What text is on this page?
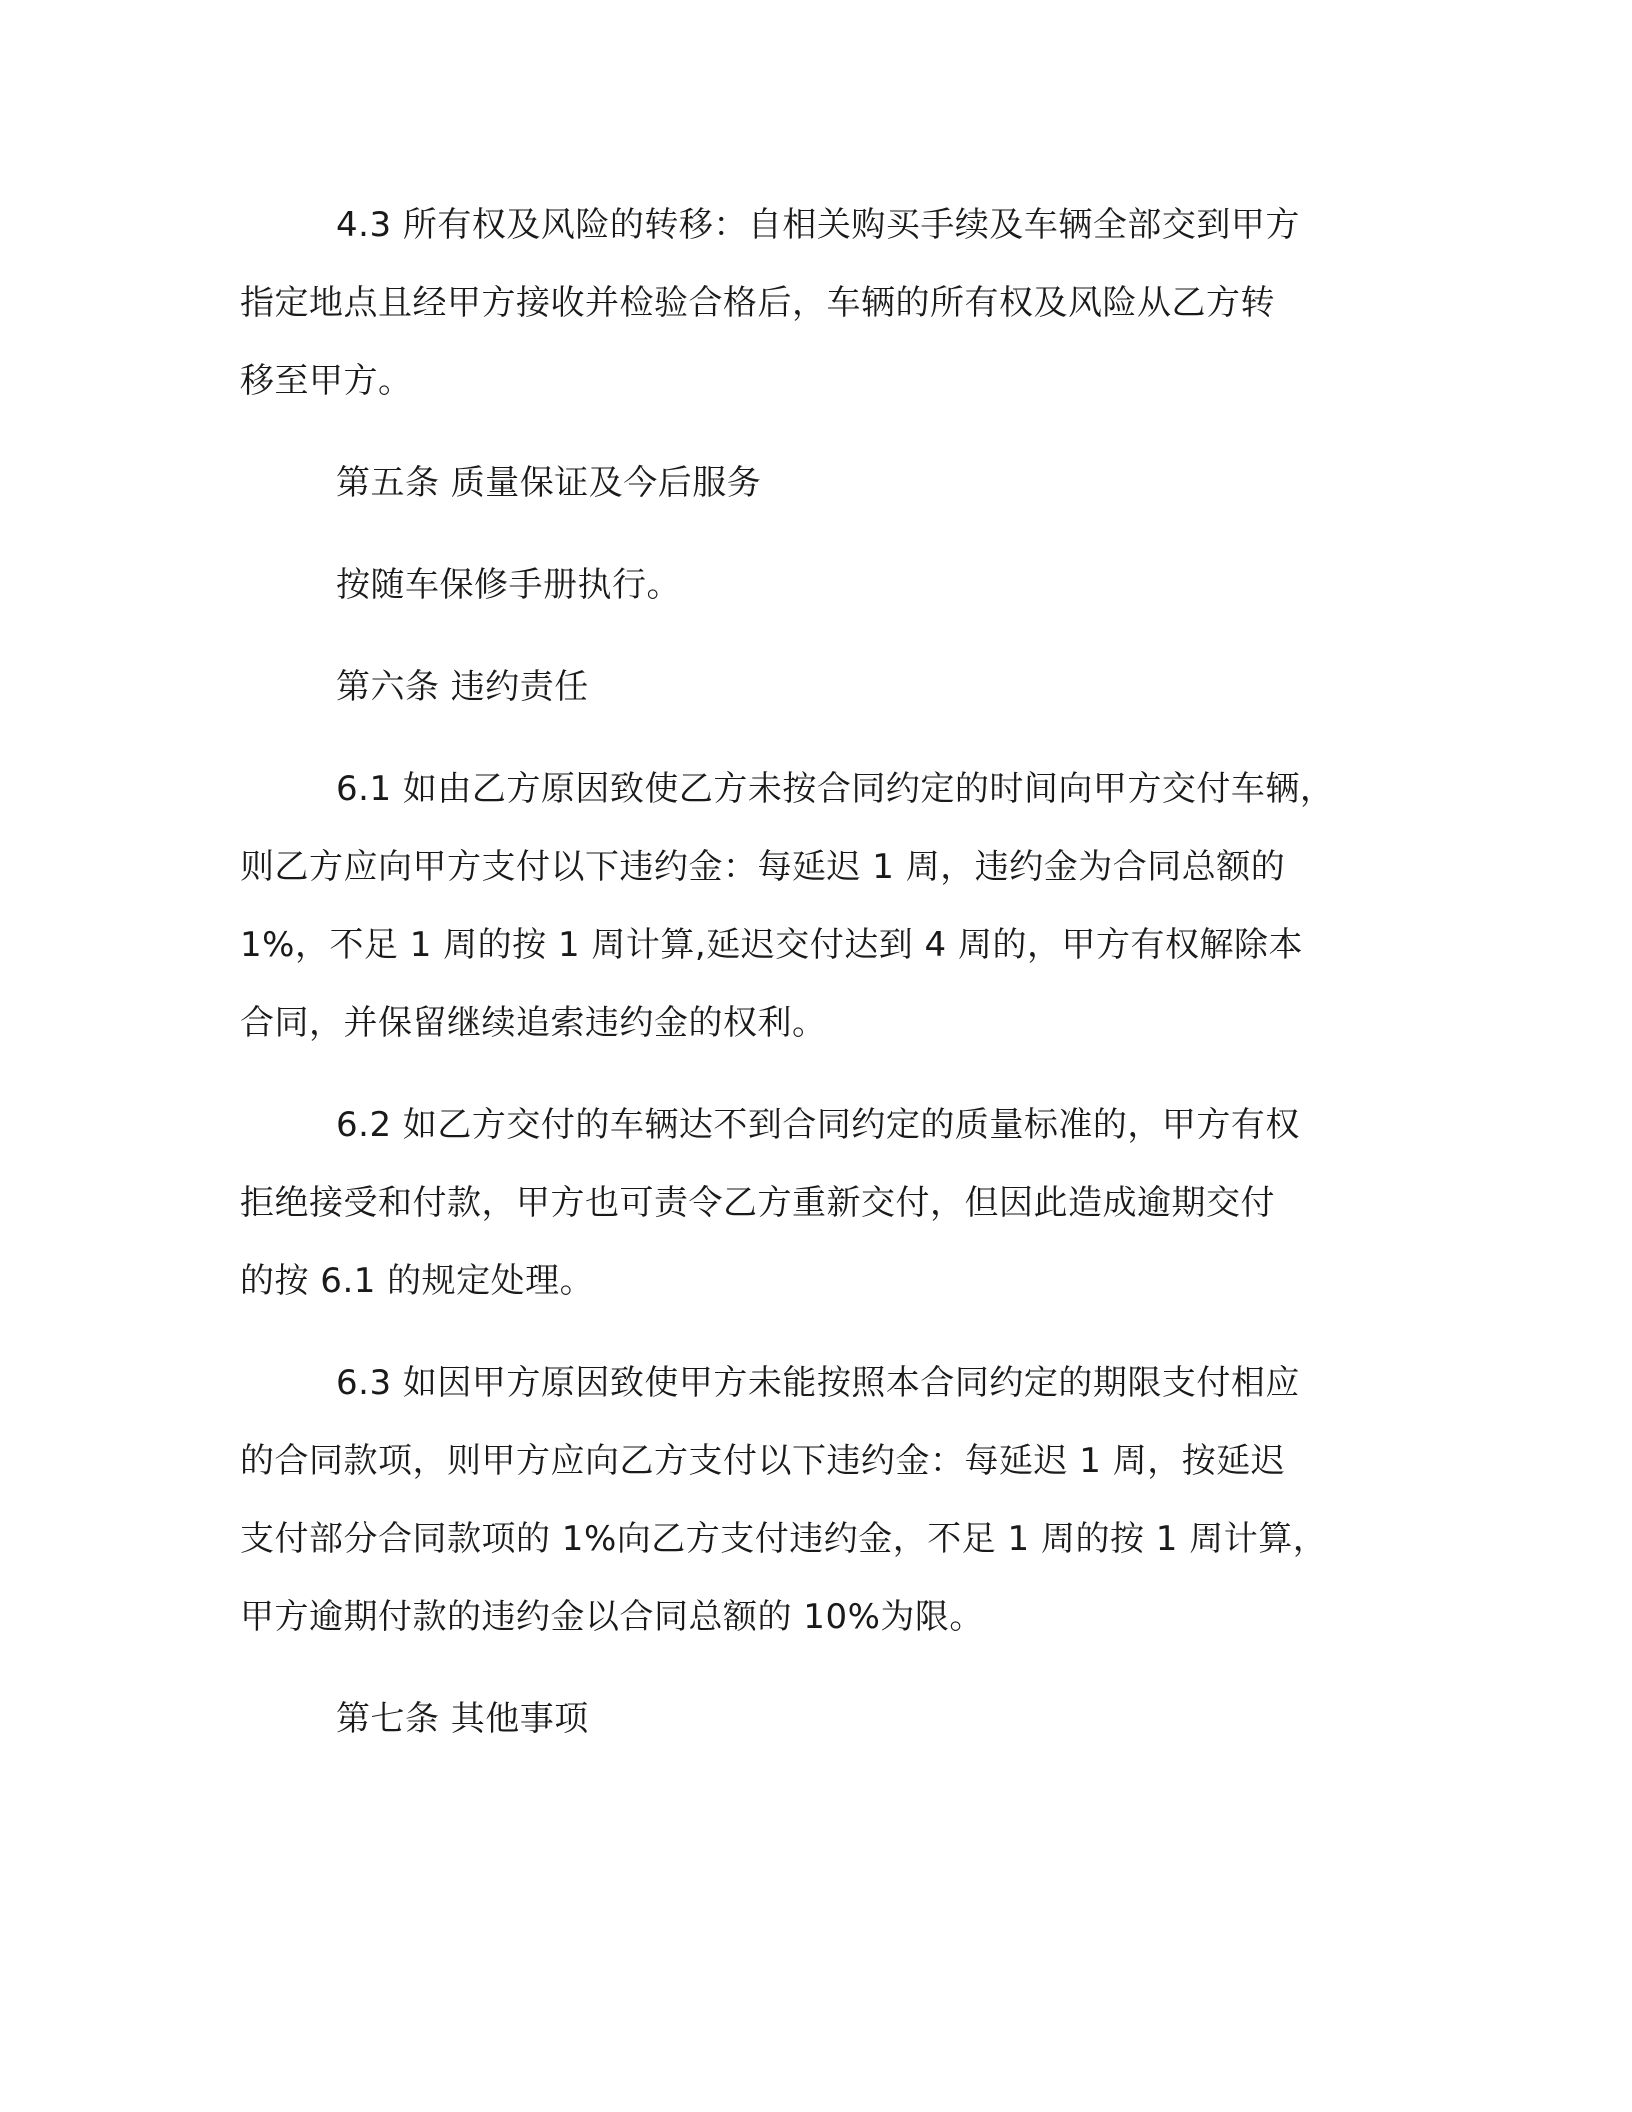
4.3 所有权及风险的转移：自相关购买手续及车辆全部交到甲方
指定地点且经甲方接收并检验合格后，车辆的所有权及风险从乙方转
移至甲方。
第五条 质量保证及今后服务
按随车保修手册执行。
第六条 违约责任
6.1 如由乙方原因致使乙方未按合同约定的时间向甲方交付车辆，
则乙方应向甲方支付以下违约金：每延迟 1 周，违约金为合同总额的
1%，不足 1 周的按 1 周计算,延迟交付达到 4 周的，甲方有权解除本
合同，并保留继续追索违约金的权利。
6.2 如乙方交付的车辆达不到合同约定的质量标准的，甲方有权
拒绝接受和付款，甲方也可责令乙方重新交付，但因此造成逾期交付
的按 6.1 的规定处理。
6.3 如因甲方原因致使甲方未能按照本合同约定的期限支付相应
的合同款项，则甲方应向乙方支付以下违约金：每延迟 1 周，按延迟
支付部分合同款项的 1%向乙方支付违约金，不足 1 周的按 1 周计算，
甲方逾期付款的违约金以合同总额的 10%为限。
第七条 其他事项
